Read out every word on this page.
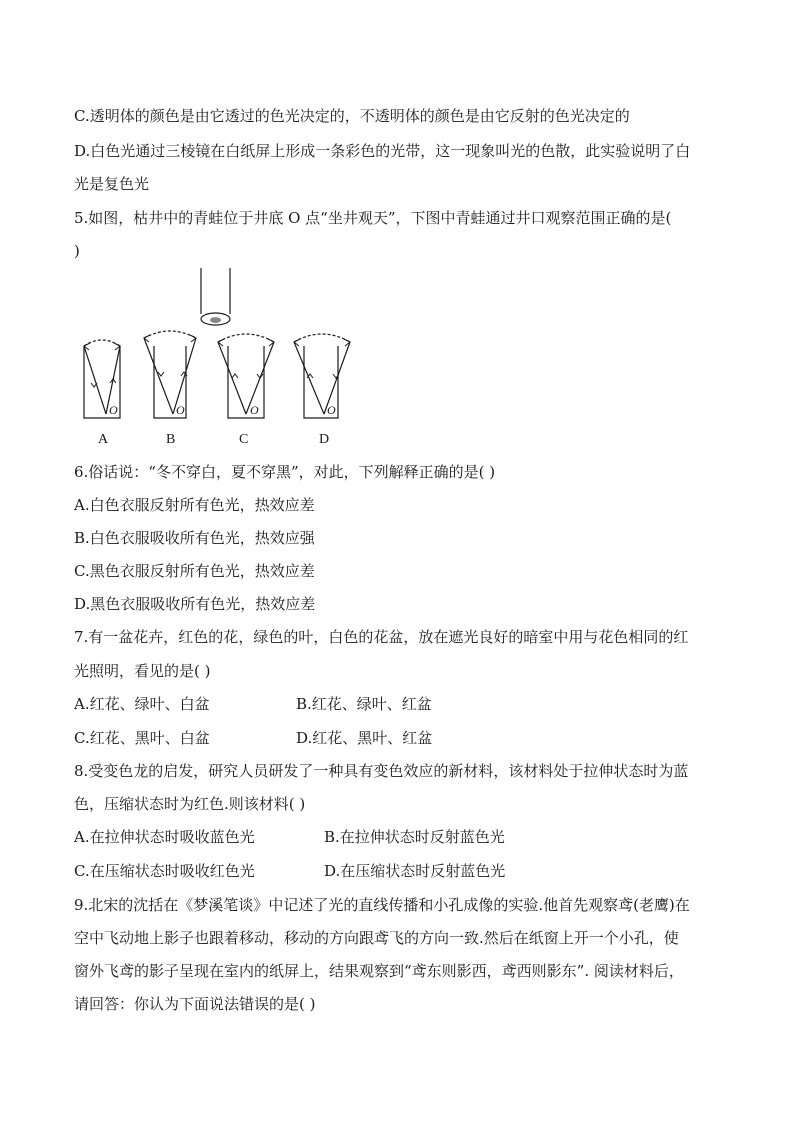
C.透明体的颜色是由它透过的色光决定的，不透明体的颜色是由它反射的色光决定的
D.白色光通过三棱镜在白纸屏上形成一条彩色的光带，这一现象叫光的色散，此实验说明了白
光是复色光
5.如图，枯井中的青蛙位于井底 O 点“坐井观天”，下图中青蛙通过井口观察范围正确的是(
)
O	O	O	O
A	B	C	D
6.俗话说：“冬不穿白，夏不穿黑”，对此，下列解释正确的是( )
A.白色衣服反射所有色光，热效应差
B.白色衣服吸收所有色光，热效应强
C.黑色衣服反射所有色光，热效应差
D.黑色衣服吸收所有色光，热效应差
7.有一盆花卉，红色的花，绿色的叶，白色的花盆，放在遮光良好的暗室中用与花色相同的红
光照明，看见的是( )
A.红花、绿叶、白盆	B.红花、绿叶、红盆
C.红花、黑叶、白盆	D.红花、黑叶、红盆
8.受变色龙的启发，研究人员研发了一种具有变色效应的新材料，该材料处于拉伸状态时为蓝
色，压缩状态时为红色.则该材料( )
A.在拉伸状态时吸收蓝色光	B.在拉伸状态时反射蓝色光
C.在压缩状态时吸收红色光	D.在压缩状态时反射蓝色光
9.北宋的沈括在《梦溪笔谈》中记述了光的直线传播和小孔成像的实验.他首先观察鸢(老鹰)在
空中飞动地上影子也跟着移动，移动的方向跟鸢飞的方向一致.然后在纸窗上开一个小孔，使
窗外飞鸢的影子呈现在室内的纸屏上，结果观察到“鸢东则影西，鸢西则影东”. 阅读材料后，
请回答：你认为下面说法错误的是( )
